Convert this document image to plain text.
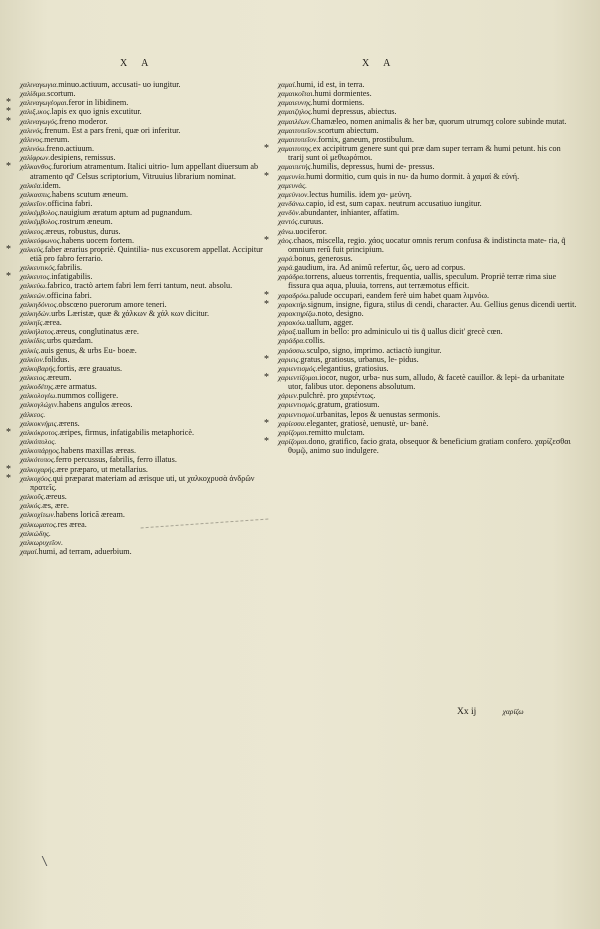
X A	X A
χαλιναγωγια.minuo.actiuum, accusati- uo iungitur.
χαλίδιμα.scortum.
* χαλιναγωγέομαι.feror in libidinem.
* χαλιξ,ικος.lapis ex quo ignis excutitur.
* χαλιναγωγός.freno moderor.
χαλινός.frenum. Est a pars freni, quæ ori inferitur.
χάλινος.merum.
χαλινόω.freno.actiuum.
χαλίφρων.desipiens, remissus.
* χάλκανθος.furorium atramentum. Italici uitrio- lum appellant diuersum ab atramento qd' Celsus scriptorium, Vitruuius librarium nominat.
χαλκέα.idem.
χαλκασπις.habens scutum æneum.
χαλκεῖον.officina fabri.
χαλκέμβολος.nauigium æratum aptum ad pugnandum.
χαλκέμβολος.rostrum æneum.
χαλκεος.æreus, robustus, durus.
χαλκεόφωνος.habens uocem fortem.
* χαλκεύς.faber ærarius propriè. Quintilia- nus excusorem appellat. Accipitur etiã pro fabro ferrario.
χαλκευτικός.fabrilis.
* χαλκευτος.infatigabilis.
χαλκεύω.fabrico, tractò artem fabri lem ferri tantum, neut. absolu.
χαλκεών.officina fabri.
χαλκηδόνιος.obscœno puerorum amore teneri.
χαλκηδών.urbs Læristæ, quæ & χάλκων & χάλ κων dicitur.
χαλκηΐς.ærea.
χαλκήλατος.æreus, conglutinatus ære.
χαλκίδες.urbs quædam.
χαλκίς.auis genus, & urbs Eu- boeæ.
χαλκίον.folidus.
χαλκοβαρής.fortis, ære grauatus.
χαλκειος.æreum.
χαλκοδέτης.ære armatus.
χαλκολογέω.nummos colligere.
χαλκογλώχιν.habens angulos æreos.
χάλκεος.
χαλκοκνήμις.ærens.
* χαλκόκροτος.æripes, firmus, infatigabilis metaphoricè.
χαλκόπυλος.
χαλκοπάρῃος.habens maxillas æreas.
χαλκότυπος.ferro percussus, fabrilis, ferro illatus.
* χαλκοχαρής.ære præparo, ut metallarius.
* χαλκοχόος.qui præparat materiam ad ærisque uti, ut χαλκοχρυσὰ ἀνδρῶν πρατεῖς.
χαλκοῦς.æreus.
χαλκός.æs, ære.
χαλκοχίτων.habens loricā æream.
χαλκωματος.res ærea.
χαλκώδης.
χαλκωρυχεῖον.
χαμαί.humi, ad terram, aduerbium.
χαμαί.humi, id est, in terra.
χαμαικοῖται.humi dormientes.
χαμαιευνης.humi dormiens.
χαμαιζηλος.humi depressus, abiectus.
χαμαιλέων.Chamæleo, nomen animalis & her bæ, quorum utrumqʒ colore subinde mutat.
χαμαιτυπεῖον.scortum abiectum.
χαμαιτυπεῖον.fornix, ganeum, prostibulum.
* χαμαιτυπης.ex accipitrum genere sunt qui præ dam super terram & humi petunt. his con trarij sunt οἱ μεθιωρόπιοι.
χαμαιπετής.humilis, depressus, humi de- pressus.
* χαμευνία.humi dormitio, cum quis in nu- da humo dormit. à χαμαί & εὐνή.
χαμευνάς.
χαμεύνιον.lectus humilis. idem χα- μεύνη.
χανδάνω.capio, id est, sum capax. neutrum accusatiuo iungitur.
χανδὸν.abundanter, inhianter, affatim.
χαντός.curuus.
χάνω.uociferor.
* χάος.chaos, miscella, regio. χάος uocatur omnis rerum confusa & indistincta mate- ria, q̃ omnium rerũ fuit principium.
χαρά.bonus, generosus.
χαρά.gaudium, ira. Ad animũ refertur, ὥς, uero ad corpus.
χαράδρα.torrens, alueus torrentis, frequentia, uallis, speculum. Propriè terræ rima siue fissura qua aqua, pluuia, torrens, aut terræmotus efficit.
* χαραδρόω.palude occupari, eandem ferè uim habet quam λιμνόω.
* χαρακτήρ.signum, insigne, figura, stilus di cendi, character. Au. Gellius genus dicendi uertit.
χαρακτηρίζω.noto, designo.
χαρακόω.uallum, agger.
χάραξ.uallum in bello: pro adminiculo ui tis q̃ uallus dicit' grecè cœn.
χαράδρα.collis.
χαράσσω.sculpo, signo, imprimo. actiactò iungitur.
* χαριεις.gratus, gratiosus, urbanus, le- pidus.
χαριεντισμός.elegantius, gratiosius.
* χαριεντίζομαι.iocor, nugor, urba- nus sum, alludo, & facetè cauillor. & lepi- da urbanitate utor, falibus utor. deponens absolutum.
χάριεν.pulchrè. pro χαριέντως.
χαριεντισμός.gratum, gratiosum.
χαριεντισμοί.urbanitas, lepos & uenustas sermonis.
* χαρίεσσα.eleganter, gratiosè, uenustè, ur- banè.
χαρίζομαι.remitto mulctam.
* χαρίζομαι.dono, gratifico, facio grata, obsequor & beneficium gratiam confero. χαρίζεσθαι θυμῷ, animo suo indulgere.
Xx ij	χαρίζω
